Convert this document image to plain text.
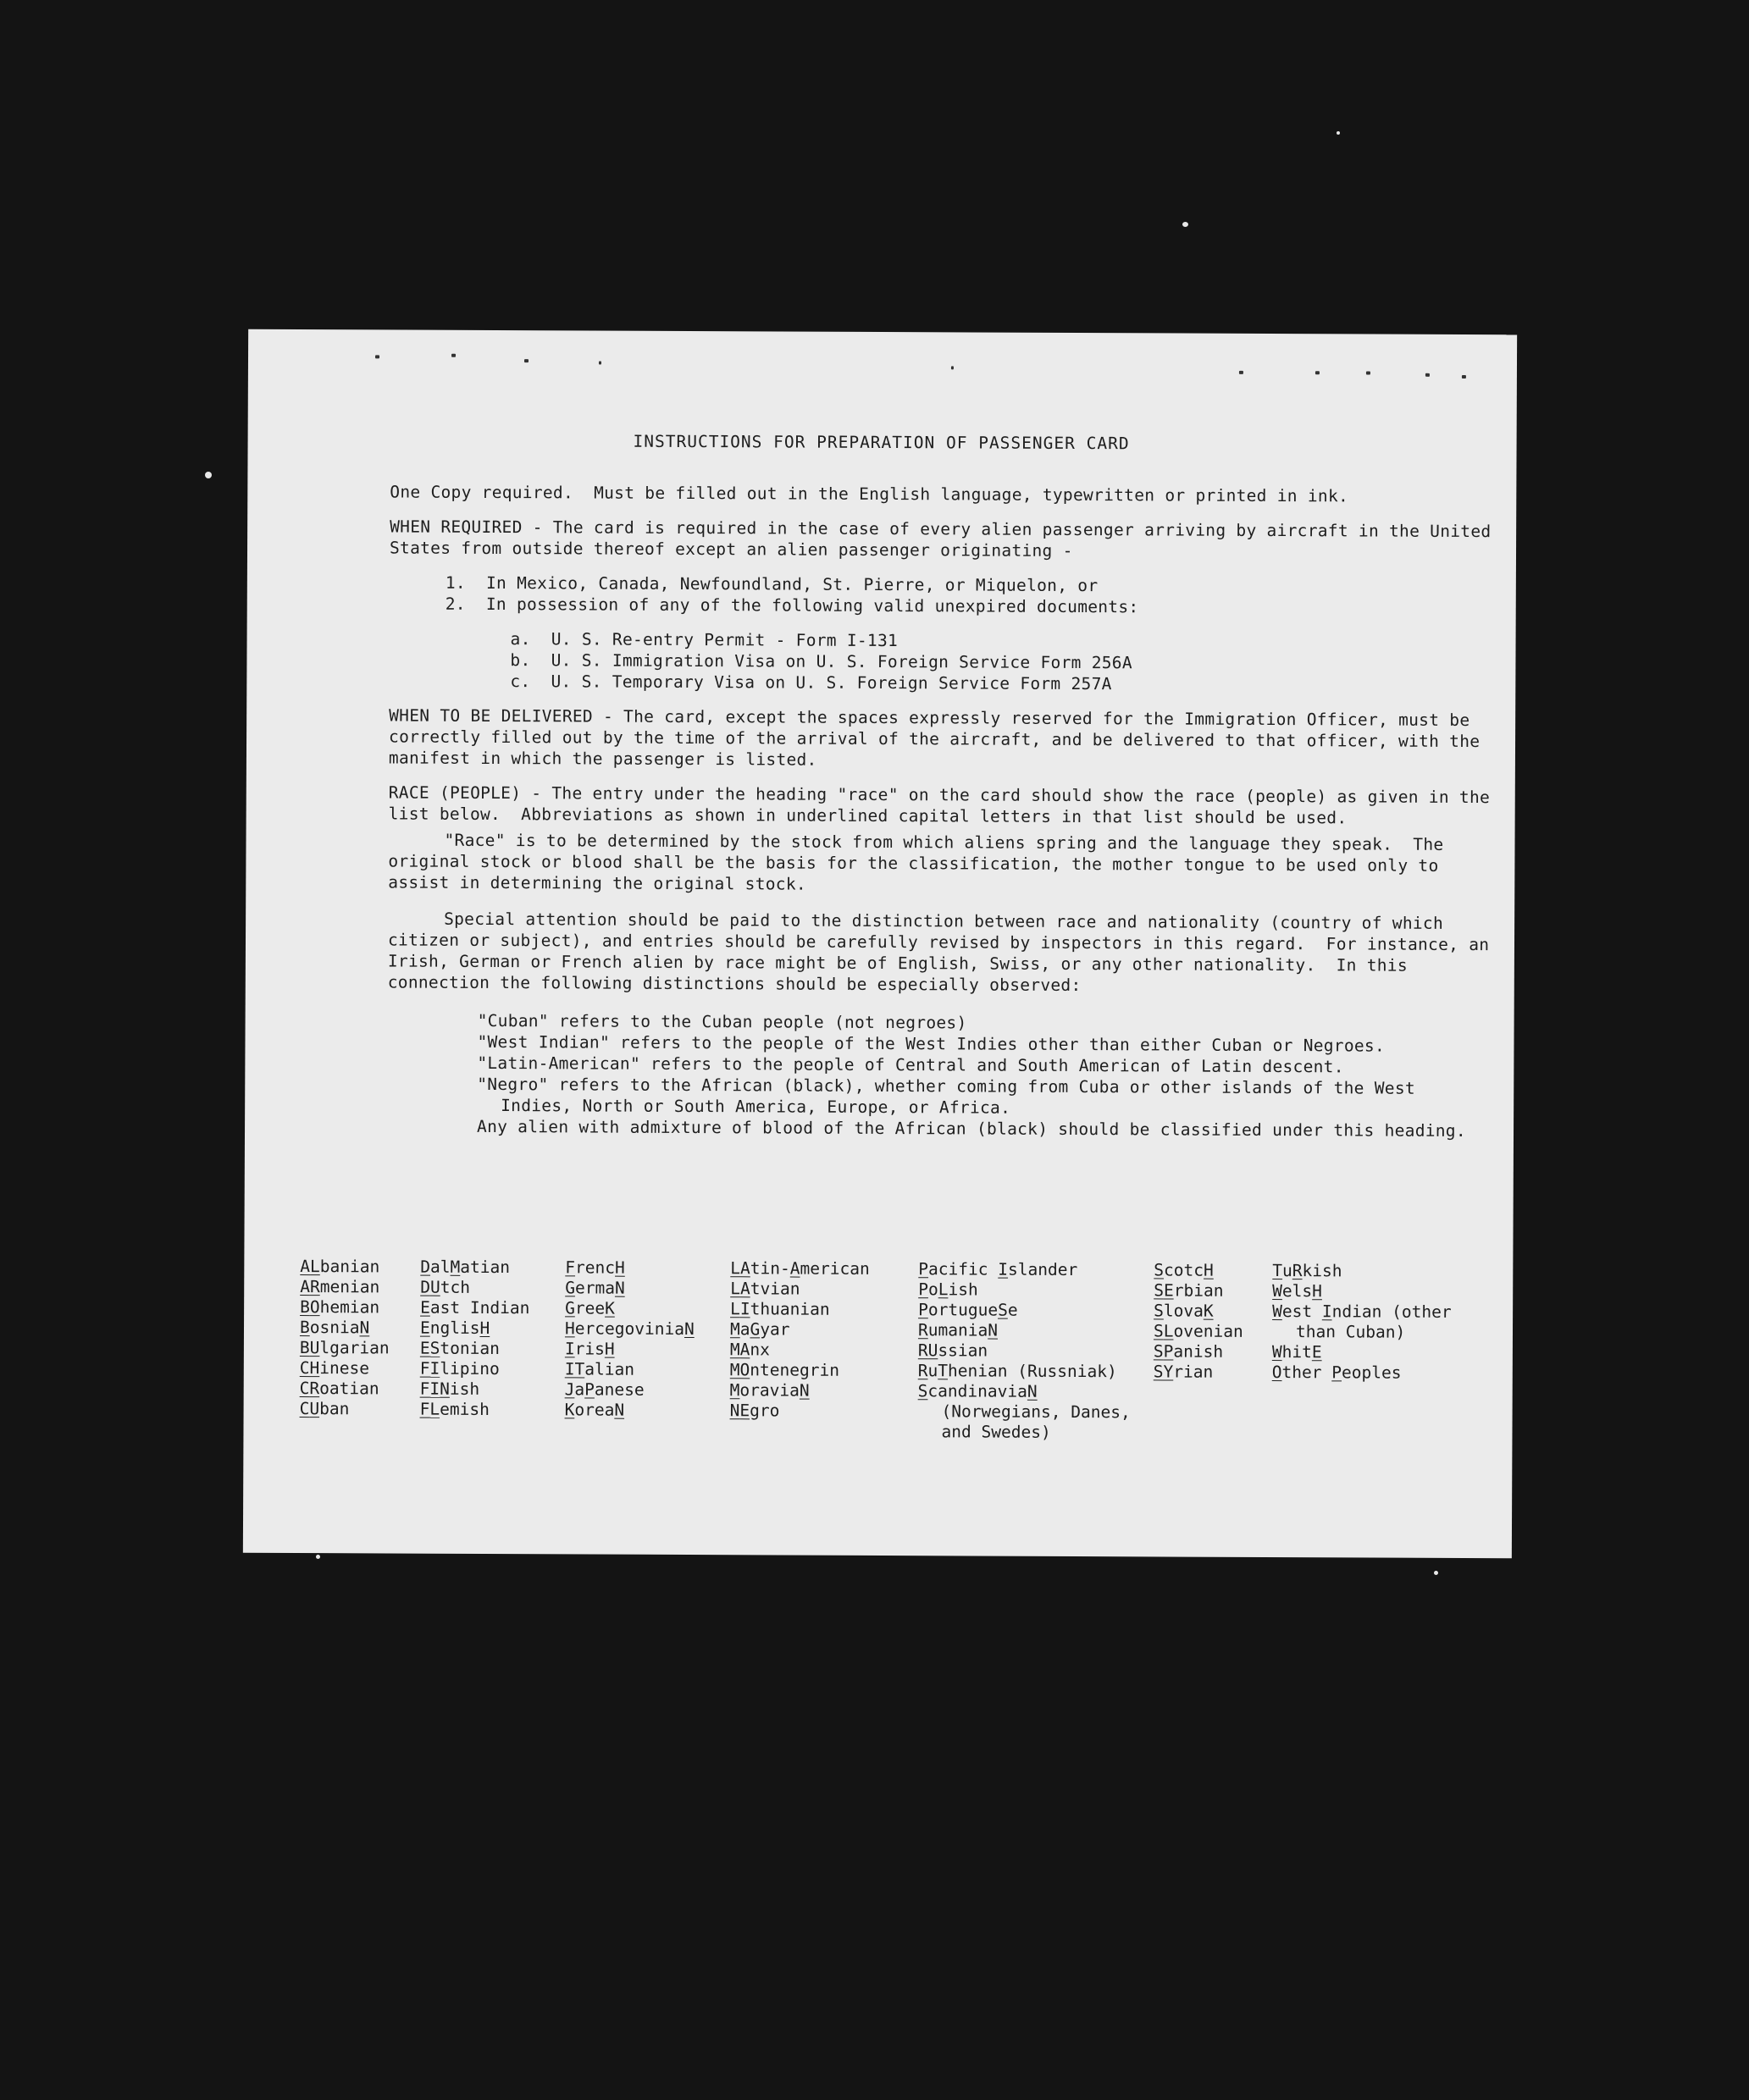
INSTRUCTIONS FOR PREPARATION OF PASSENGER CARD
One Copy required.  Must be filled out in the English language, typewritten or printed in ink.
WHEN REQUIRED - The card is required in the case of every alien passenger arriving by aircraft in the United States from outside thereof except an alien passenger originating -
1.  In Mexico, Canada, Newfoundland, St. Pierre, or Miquelon, or
2.  In possession of any of the following valid unexpired documents:
a.  U. S. Re-entry Permit - Form I-131
b.  U. S. Immigration Visa on U. S. Foreign Service Form 256A
c.  U. S. Temporary Visa on U. S. Foreign Service Form 257A
WHEN TO BE DELIVERED - The card, except the spaces expressly reserved for the Immigration Officer, must be correctly filled out by the time of the arrival of the aircraft, and be delivered to that officer, with the manifest in which the passenger is listed.
RACE (PEOPLE) - The entry under the heading "race" on the card should show the race (people) as given in the list below.  Abbreviations as shown in underlined capital letters in that list should be used.
"Race" is to be determined by the stock from which aliens spring and the language they speak.  The original stock or blood shall be the basis for the classification, the mother tongue to be used only to assist in determining the original stock.
Special attention should be paid to the distinction between race and nationality (country of which citizen or subject), and entries should be carefully revised by inspectors in this regard.  For instance, an Irish, German or French alien by race might be of English, Swiss, or any other nationality.  In this connection the following distinctions should be especially observed:
"Cuban" refers to the Cuban people (not negroes)
"West Indian" refers to the people of the West Indies other than either Cuban or Negroes.
"Latin-American" refers to the people of Central and South American of Latin descent.
"Negro" refers to the African (black), whether coming from Cuba or other islands of the West Indies, North or South America, Europe, or Africa.
Any alien with admixture of blood of the African (black) should be classified under this heading.
ALbanian
ARmenian
BOhemian
BosniaN
BUlgarian
CHinese
CRoatian
CUban
DalMatian
DUtch
East Indian
EnglisH
EStonian
FIlipino
FINish
FLemish
FrencH
GermaN
GreeK
HercegoviniaN
IrisH
ITalian
JaPanese
KoreaN
LAtin-American
LAtvian
LIthuanian
MaGyar
MAnx
MOntenegrin
MoraviaN
NEgro
Pacific Islander
PoLish
PortugueSe
RumaniaN
RUssian
RuThenian (Russniak)
ScandinaviaN (Norwegians, Danes, and Swedes)
ScotcH
SErbian
SlovaK
SLovenian
SPanish
SYrian
TuRkish
WelsH
West Indian (other than Cuban)
WhitE
Other Peoples
